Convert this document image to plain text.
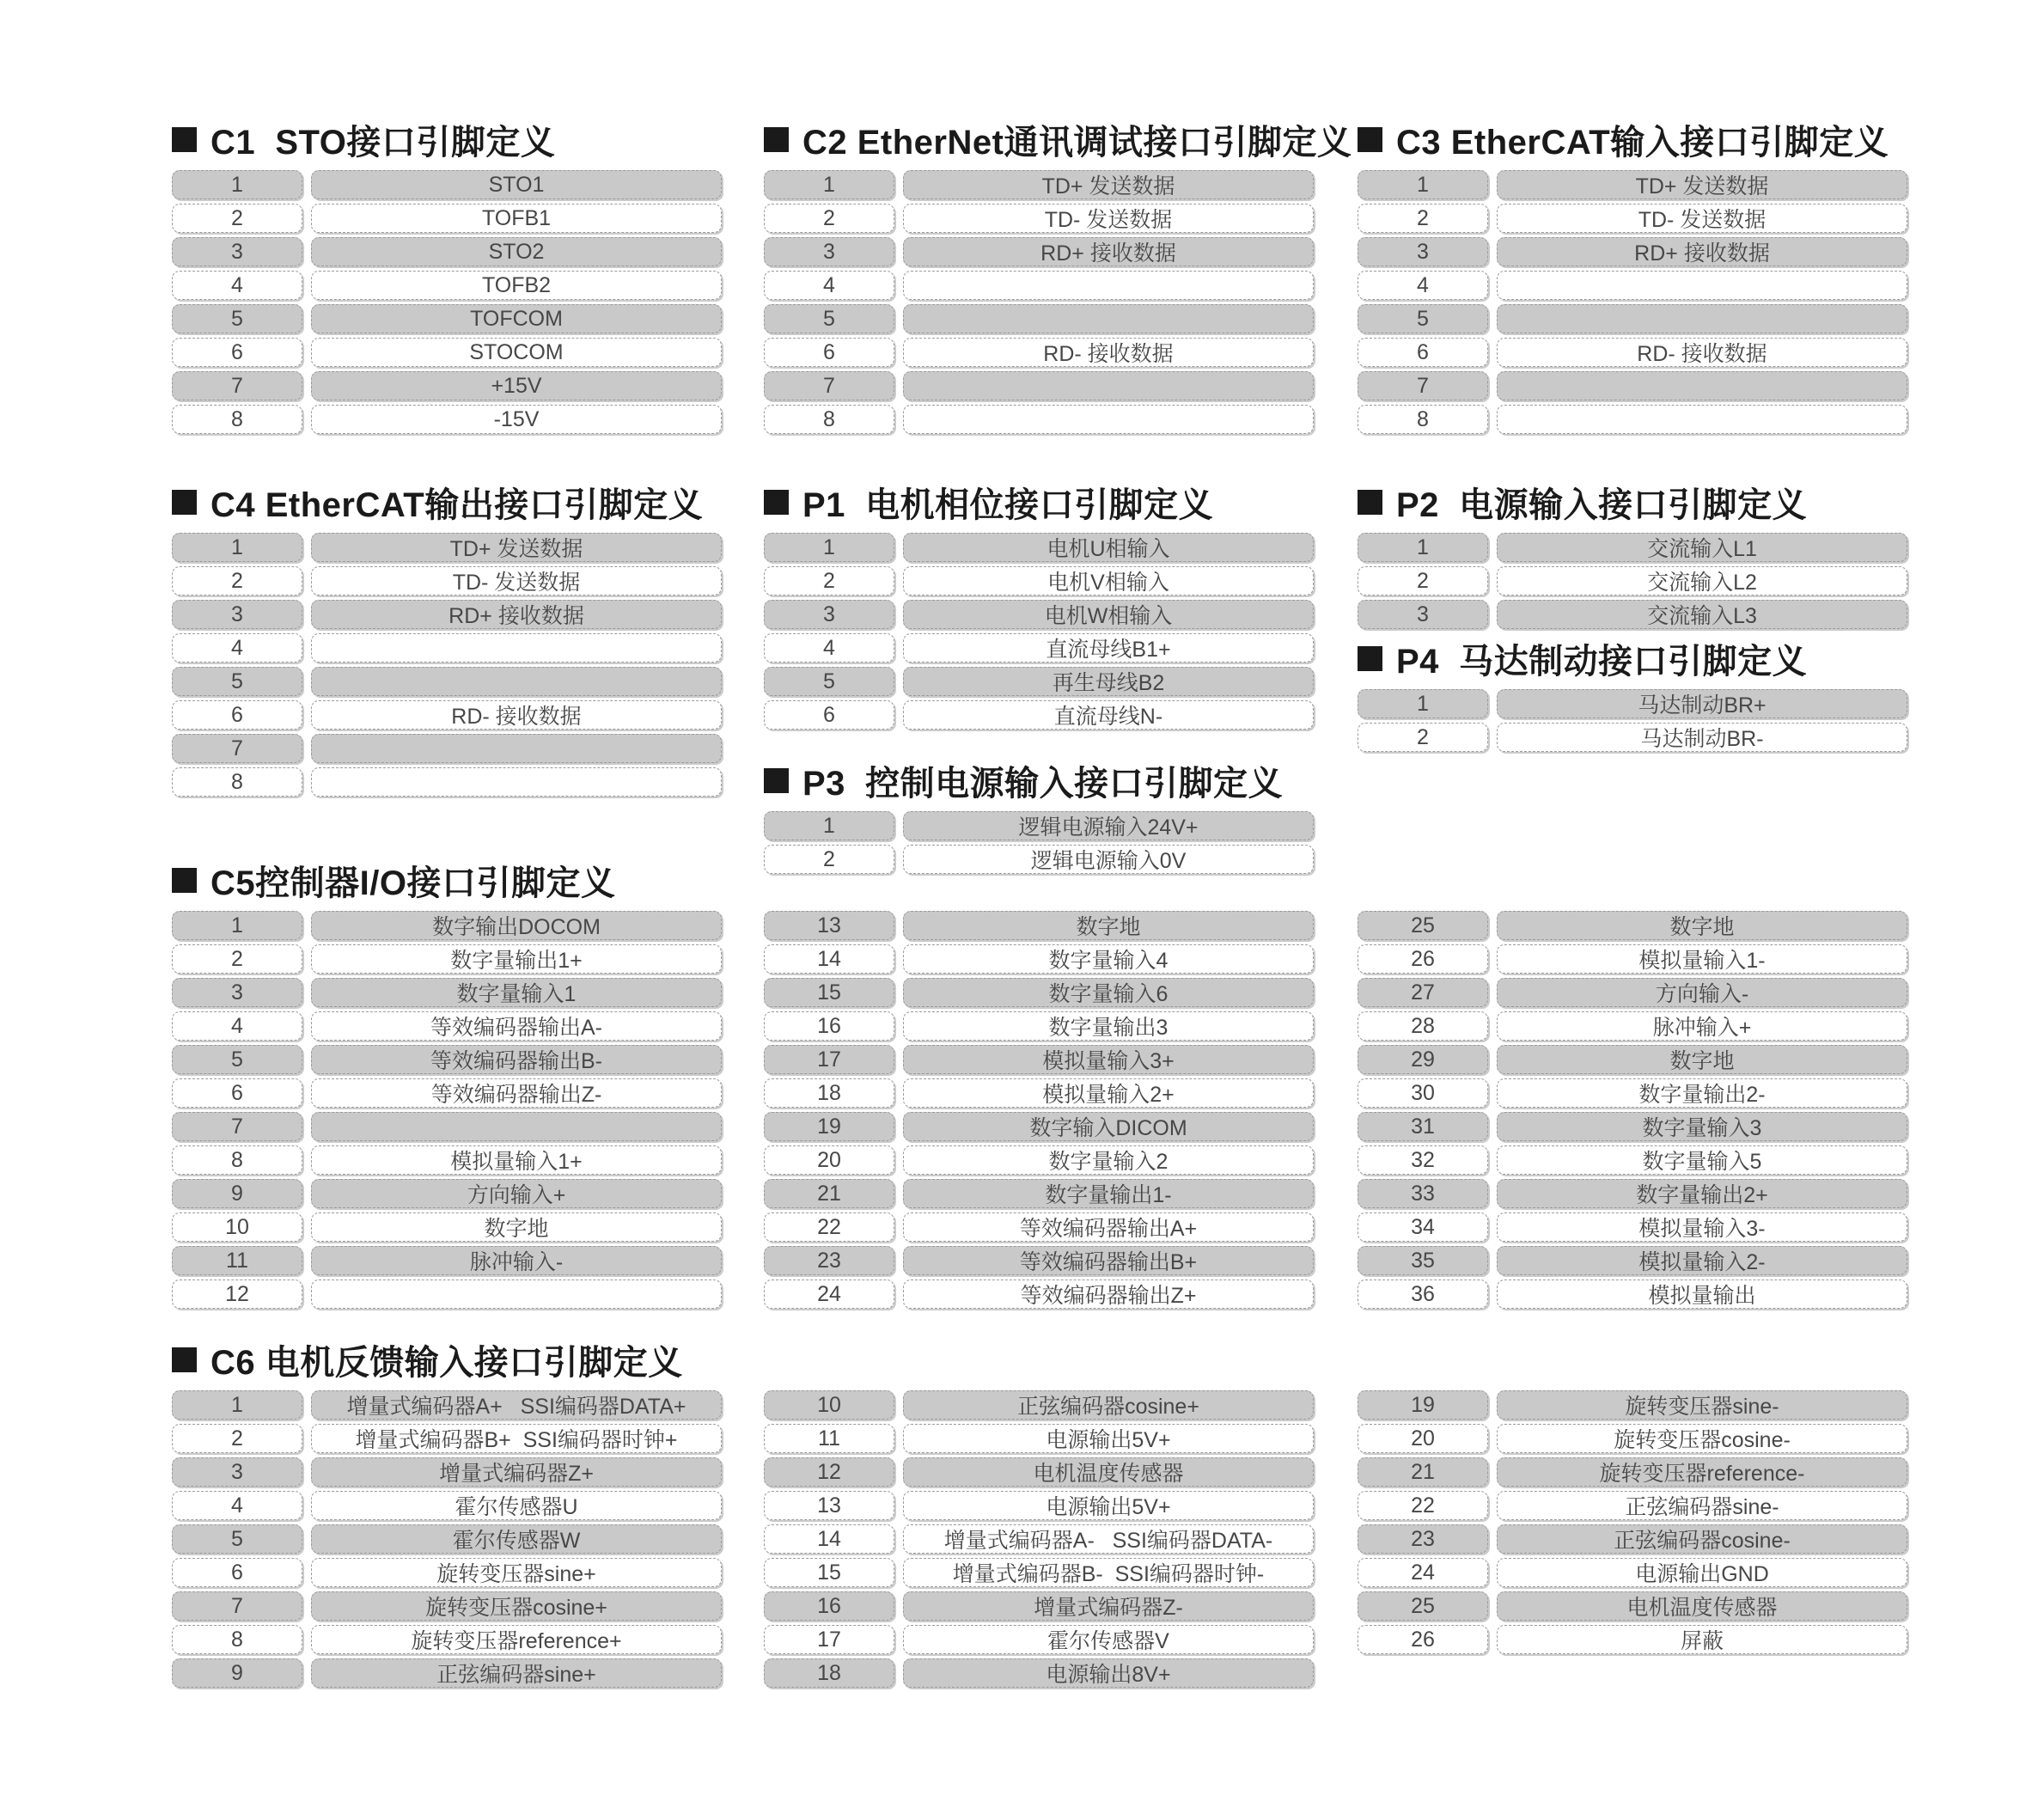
C1  STO接口引脚定义
1	STO1
2	TOFB1
3	STO2
4	TOFB2
5	TOFCOM
6	STOCOM
7	+15V
8	-15V
C2 EtherNet通讯调试接口引脚定义
1	TD+ 发送数据
2	TD- 发送数据
3	RD+ 接收数据
4
5
6	RD- 接收数据
7
8
C3 EtherCAT输入接口引脚定义
1	TD+ 发送数据
2	TD- 发送数据
3	RD+ 接收数据
4
5
6	RD- 接收数据
7
8
C4 EtherCAT输出接口引脚定义
1	TD+ 发送数据
2	TD- 发送数据
3	RD+ 接收数据
4
5
6	RD- 接收数据
7
8
P1  电机相位接口引脚定义
1	电机U相输入
2	电机V相输入
3	电机W相输入
4	直流母线B1+
5	再生母线B2
6	直流母线N-
P2  电源输入接口引脚定义
1	交流输入L1
2	交流输入L2
3	交流输入L3
P4  马达制动接口引脚定义
1	马达制动BR+
2	马达制动BR-
P3  控制电源输入接口引脚定义
1	逻辑电源输入24V+
2	逻辑电源输入0V
C5控制器I/O接口引脚定义
1	数字输出DOCOM
2	数字量输出1+
3	数字量输入1
4	等效编码器输出A-
5	等效编码器输出B-
6	等效编码器输出Z-
7
8	模拟量输入1+
9	方向输入+
10	数字地
11	脉冲输入-
12
13	数字地
14	数字量输入4
15	数字量输入6
16	数字量输出3
17	模拟量输入3+
18	模拟量输入2+
19	数字输入DICOM
20	数字量输入2
21	数字量输出1-
22	等效编码器输出A+
23	等效编码器输出B+
24	等效编码器输出Z+
25	数字地
26	模拟量输入1-
27	方向输入-
28	脉冲输入+
29	数字地
30	数字量输出2-
31	数字量输入3
32	数字量输入5
33	数字量输出2+
34	模拟量输入3-
35	模拟量输入2-
36	模拟量输出
C6 电机反馈输入接口引脚定义
1	增量式编码器A+   SSI编码器DATA+
2	增量式编码器B+  SSI编码器时钟+
3	增量式编码器Z+
4	霍尔传感器U
5	霍尔传感器W
6	旋转变压器sine+
7	旋转变压器cosine+
8	旋转变压器reference+
9	正弦编码器sine+
10	正弦编码器cosine+
11	电源输出5V+
12	电机温度传感器
13	电源输出5V+
14	增量式编码器A-   SSI编码器DATA-
15	增量式编码器B-  SSI编码器时钟-
16	增量式编码器Z-
17	霍尔传感器V
18	电源输出8V+
19	旋转变压器sine-
20	旋转变压器cosine-
21	旋转变压器reference-
22	正弦编码器sine-
23	正弦编码器cosine-
24	电源输出GND
25	电机温度传感器
26	屏蔽
